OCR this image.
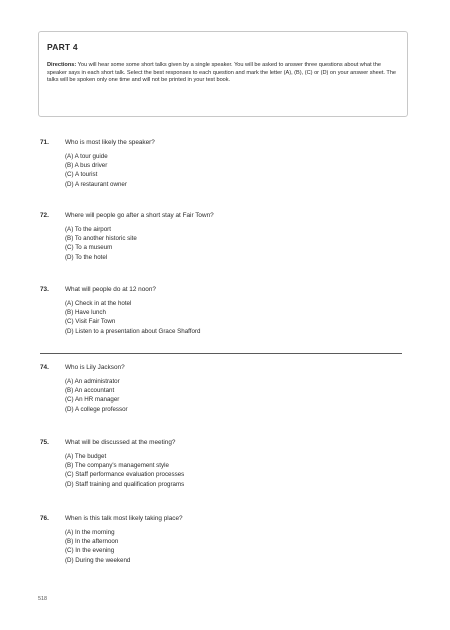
PART 4

Directions: You will hear some some short talks given by a single speaker. You will be asked to answer three questions about what the speaker says in each short talk. Select the best responses to each question and mark the letter (A), (B), (C) or (D) on your answer sheet. The talks will be spoken only one time and will not be printed in your test book.

71.	Who is most likely the speaker?
(A) A tour guide
(B) A bus driver
(C) A tourist
(D) A restaurant owner
72.	Where will people go after a short stay at Fair Town?
(A) To the airport
(B) To another historic site
(C) To a museum
(D) To the hotel
73.	What will people do at 12 noon?
(A) Check in at the hotel
(B) Have lunch
(C) Visit Fair Town
(D) Listen to a presentation about Grace Shafford
74.	Who is Lily Jackson?
(A) An administrator
(B) An accountant
(C) An HR manager
(D) A college professor
75.	What will be discussed at the meeting?
(A) The budget
(B) The company's management style
(C) Staff performance evaluation processes
(D) Staff training and qualification programs
76.	When is this talk most likely taking place?
(A) In the morning
(B) In the afternoon
(C) In the evening
(D) During the weekend
518
